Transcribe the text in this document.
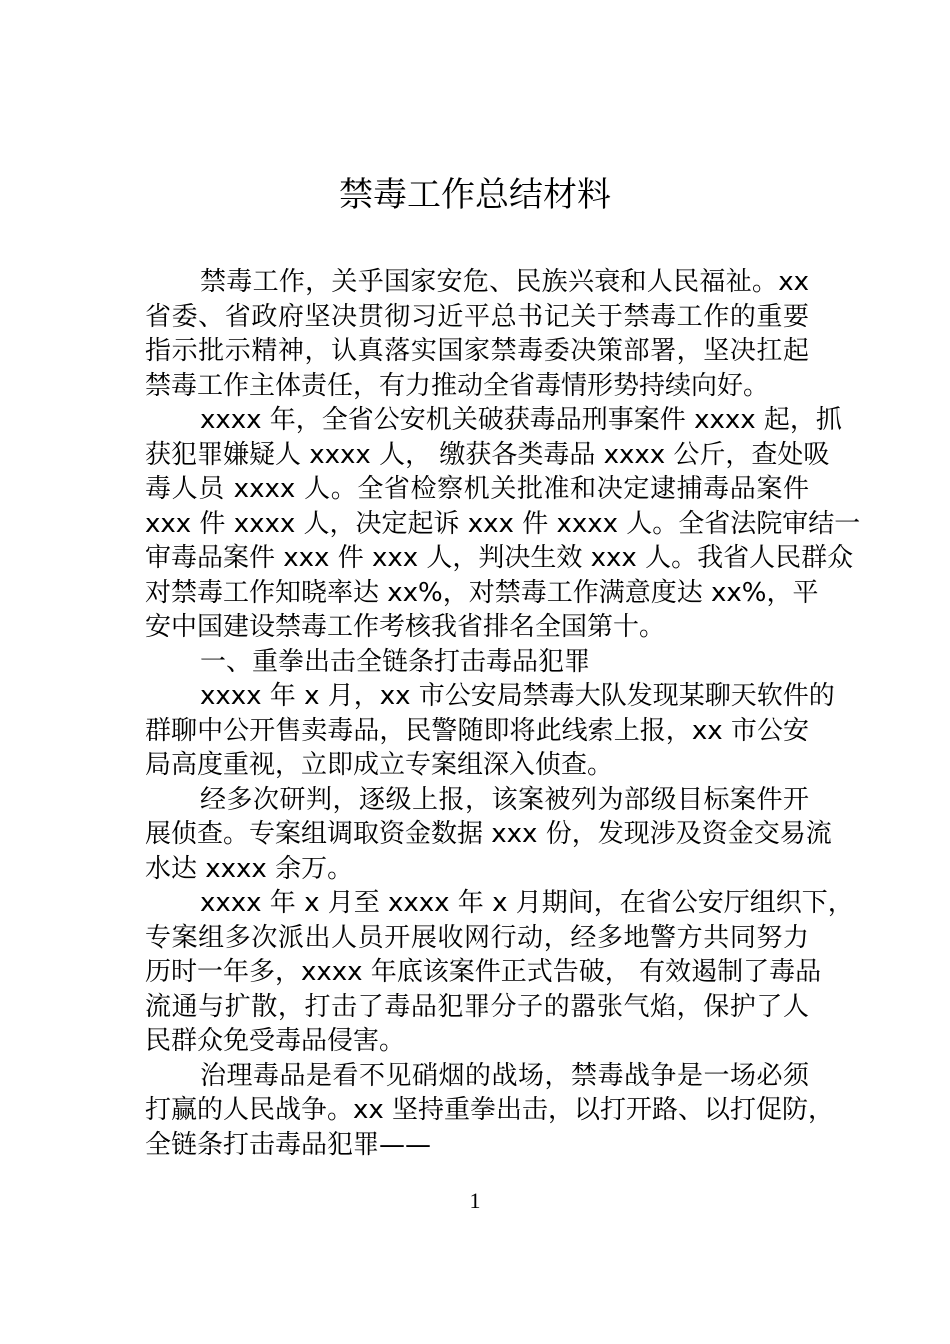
禁毒工作总结材料
禁毒工作，关乎国家安危、民族兴衰和人民福祉。xx
省委、省政府坚决贯彻习近平总书记关于禁毒工作的重要
指示批示精神，认真落实国家禁毒委决策部署，坚决扛起
禁毒工作主体责任，有力推动全省毒情形势持续向好。
xxxx 年，全省公安机关破获毒品刑事案件 xxxx 起，抓
获犯罪嫌疑人 xxxx 人， 缴获各类毒品 xxxx 公斤，查处吸
毒人员 xxxx 人。全省检察机关批准和决定逮捕毒品案件
xxx 件 xxxx 人，决定起诉 xxx 件 xxxx 人。全省法院审结一
审毒品案件 xxx 件 xxx 人，判决生效 xxx 人。我省人民群众
对禁毒工作知晓率达 xx%，对禁毒工作满意度达 xx%，平
安中国建设禁毒工作考核我省排名全国第十。
一、重拳出击全链条打击毒品犯罪
xxxx 年 x 月，xx 市公安局禁毒大队发现某聊天软件的
群聊中公开售卖毒品，民警随即将此线索上报，xx 市公安
局高度重视，立即成立专案组深入侦查。
经多次研判，逐级上报，该案被列为部级目标案件开
展侦查。专案组调取资金数据 xxx 份，发现涉及资金交易流
水达 xxxx 余万。
xxxx 年 x 月至 xxxx 年 x 月期间，在省公安厅组织下，
专案组多次派出人员开展收网行动，经多地警方共同努力
历时一年多，xxxx 年底该案件正式告破， 有效遏制了毒品
流通与扩散，打击了毒品犯罪分子的嚣张气焰，保护了人
民群众免受毒品侵害。
治理毒品是看不见硝烟的战场，禁毒战争是一场必须
打赢的人民战争。xx 坚持重拳出击，以打开路、以打促防，
全链条打击毒品犯罪——
1
